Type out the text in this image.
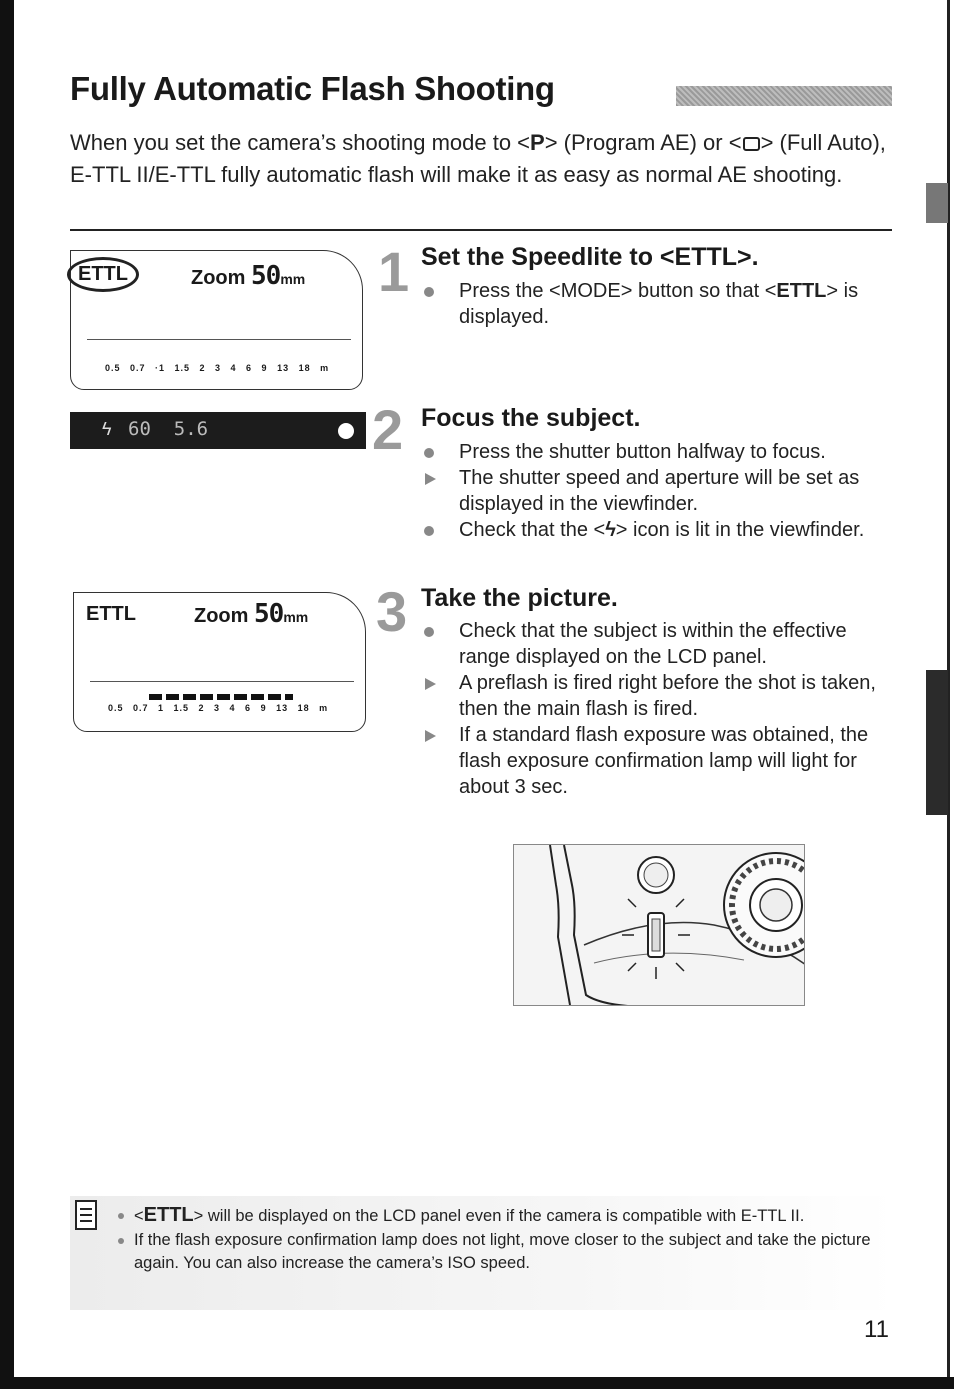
Fully Automatic Flash Shooting

When you set the camera’s shooting mode to <P> (Program AE) or < > (Full Auto), E-TTL II/E-TTL fully automatic flash will make it as easy as normal AE shooting.

ETTL	Zoom 50mm
0.5 0.7 ·1 1.5 2 3 4 6 9 13 18 m
1
ϟ 60  5.6	2
ETTL	Zoom 50mm
0.5 0.7 1 1.5 2 3 4 6 9 13 18 m
3
Set the Speedlite to <ETTL>.
Press the <MODE> button so that <ETTL> is displayed.
Focus the subject.
Press the shutter button halfway to focus.
The shutter speed and aperture will be set as displayed in the viewfinder.
Check that the <ϟ> icon is lit in the viewfinder.
Take the picture.
Check that the subject is within the effective range displayed on the LCD panel.
A preflash is fired right before the shot is taken, then the main flash is fired.
If a standard flash exposure was obtained, the flash exposure confirmation lamp will light for about 3 sec.
<ETTL> will be displayed on the LCD panel even if the camera is compatible with E-TTL II.
If the flash exposure confirmation lamp does not light, move closer to the subject and take the picture again. You can also increase the camera’s ISO speed.
11
